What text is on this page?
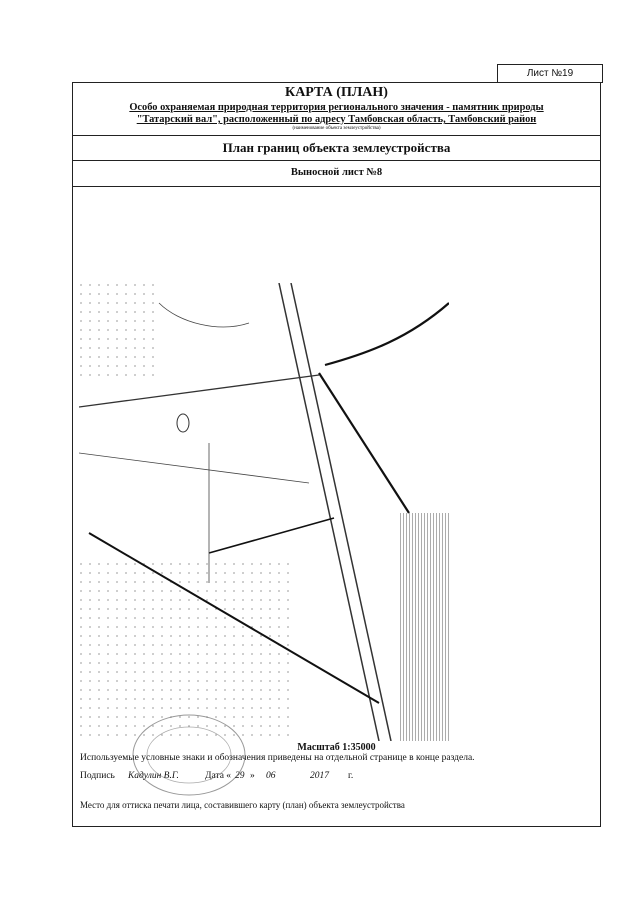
Лист №19
КАРТА (ПЛАН)
Особо охраняемая природная территория регионального значения - памятник природы
"Татарский вал", расположенный по адресу Тамбовская область, Тамбовский район
(наименование объекта землеустройства)
План границ объекта землеустройства
Выносной лист №8
Масштаб 1:35000
Используемые условные знаки и обозначения приведены на отдельной странице в конце раздела.
Подпись Кадулин В.Г.	Дата « 29 » 06	2017 г.
Место для оттиска печати лица, составившего карту (план) объекта землеустройства
